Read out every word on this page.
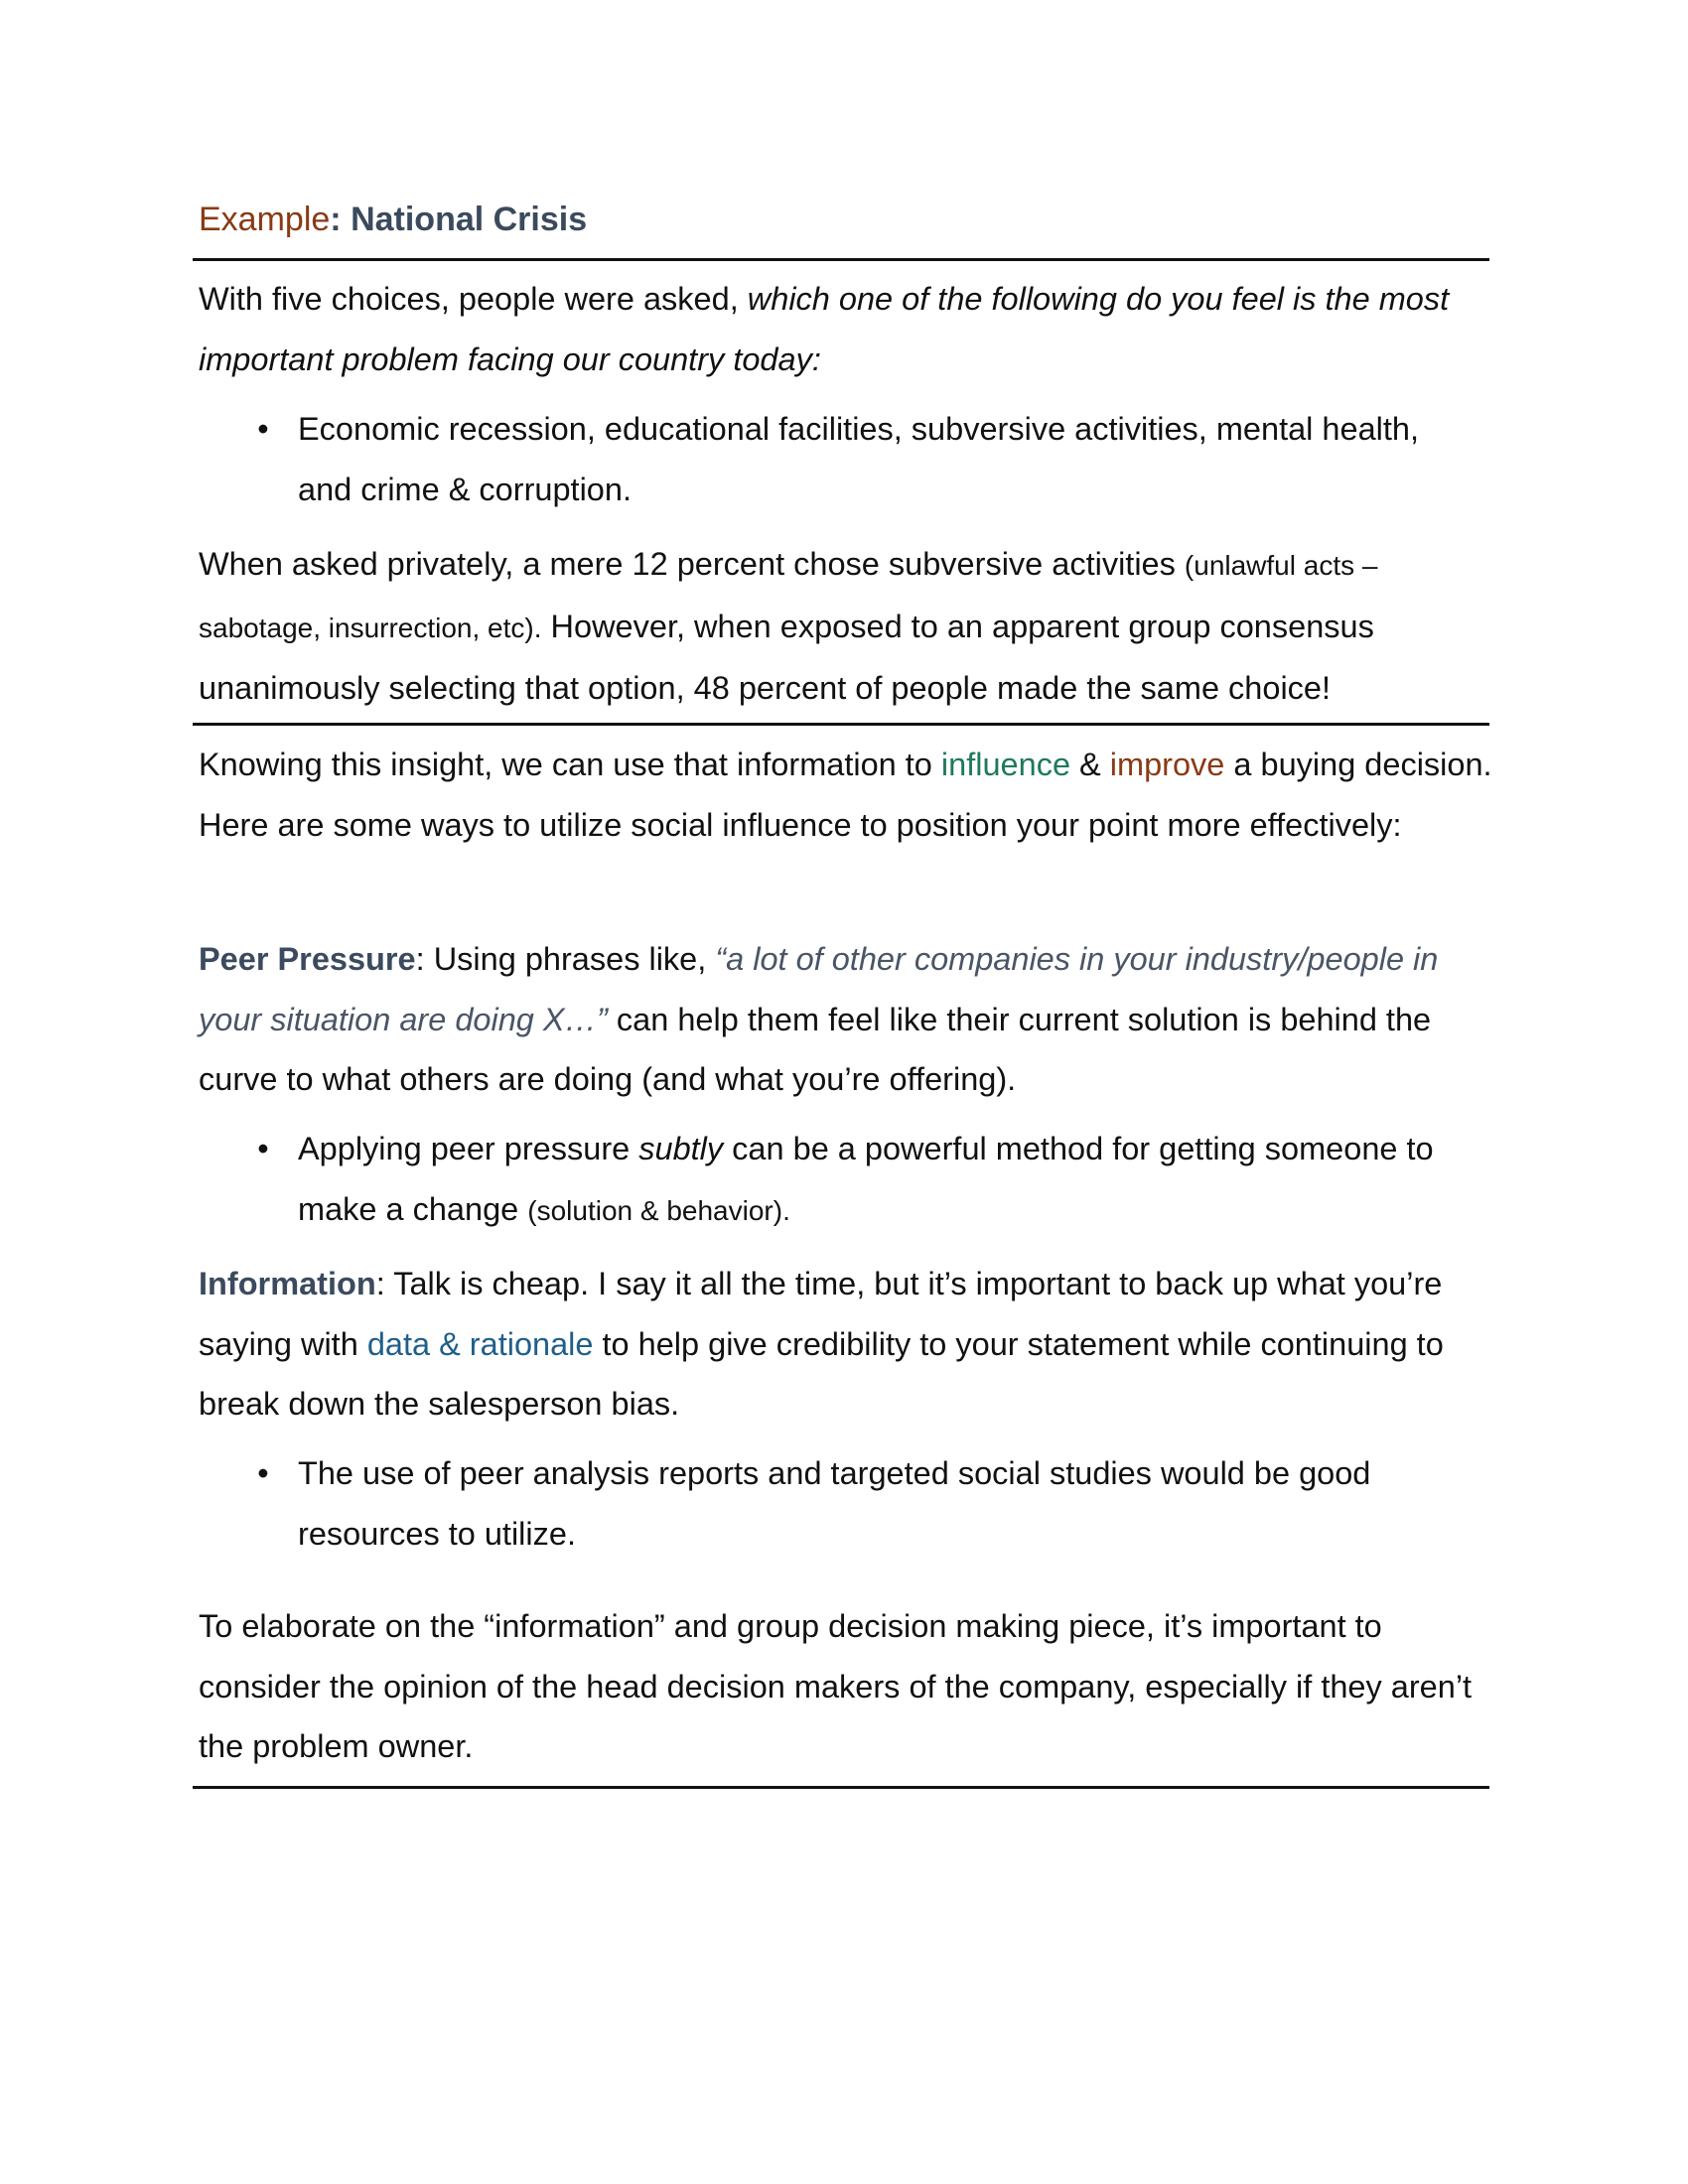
Example: National Crisis
With five choices, people were asked, which one of the following do you feel is the most important problem facing our country today:
• Economic recession, educational facilities, subversive activities, mental health, and crime & corruption.
When asked privately, a mere 12 percent chose subversive activities (unlawful acts – sabotage, insurrection, etc). However, when exposed to an apparent group consensus unanimously selecting that option, 48 percent of people made the same choice!
Knowing this insight, we can use that information to influence & improve a buying decision. Here are some ways to utilize social influence to position your point more effectively:
Peer Pressure: Using phrases like, “a lot of other companies in your industry/people in your situation are doing X…” can help them feel like their current solution is behind the curve to what others are doing (and what you’re offering).
• Applying peer pressure subtly can be a powerful method for getting someone to make a change (solution & behavior).
Information: Talk is cheap. I say it all the time, but it’s important to back up what you’re saying with data & rationale to help give credibility to your statement while continuing to break down the salesperson bias.
• The use of peer analysis reports and targeted social studies would be good resources to utilize.
To elaborate on the “information” and group decision making piece, it’s important to consider the opinion of the head decision makers of the company, especially if they aren’t the problem owner.
